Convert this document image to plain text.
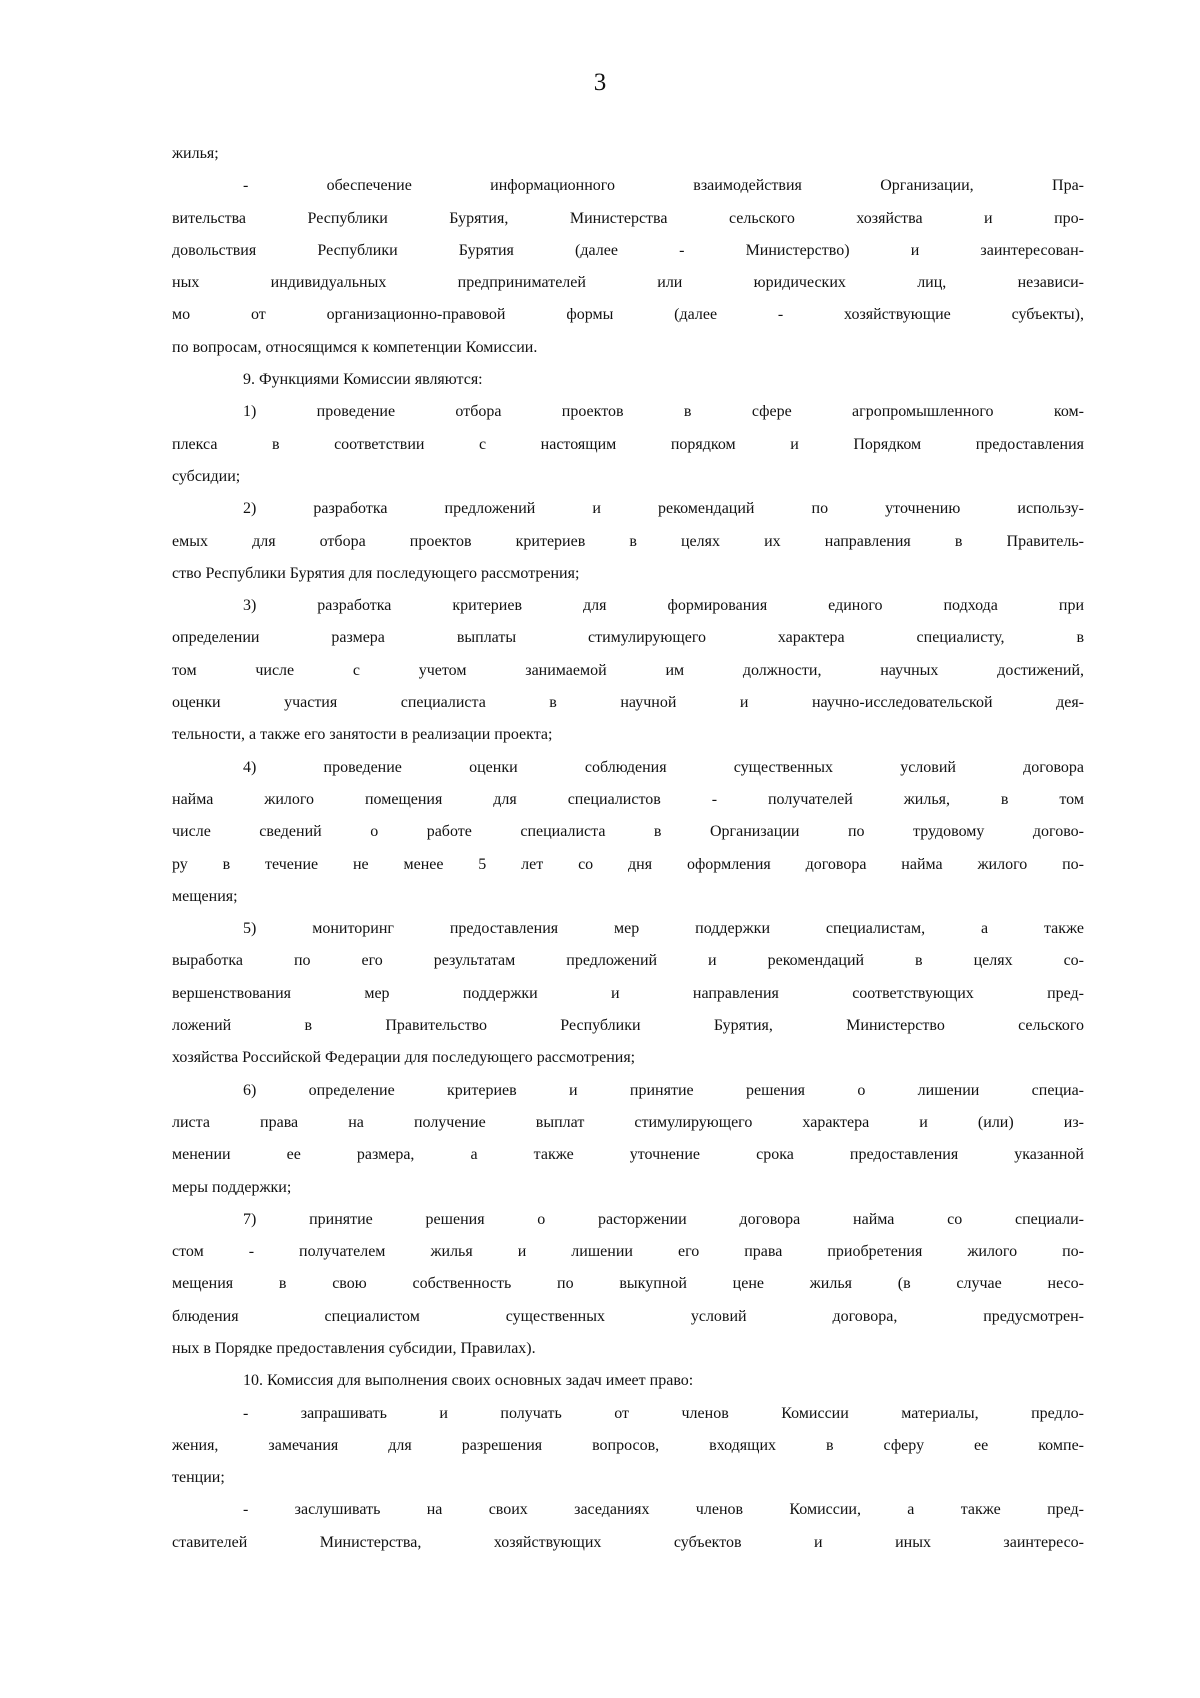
3
жилья;
- обеспечение информационного взаимодействия Организации, Пра-
вительства Республики Бурятия, Министерства сельского хозяйства и про-
довольствия Республики Бурятия (далее - Министерство) и заинтересован-
ных индивидуальных предпринимателей или юридических лиц, независи-
мо от организационно-правовой формы (далее - хозяйствующие субъекты),
по вопросам, относящимся к компетенции Комиссии.
9. Функциями Комиссии являются:
1) проведение отбора проектов в сфере агропромышленного ком-
плекса в соответствии с настоящим порядком и Порядком предоставления
субсидии;
2) разработка предложений и рекомендаций по уточнению использу-
емых для отбора проектов критериев в целях их направления в Правитель-
ство Республики Бурятия для последующего рассмотрения;
3) разработка критериев для формирования единого подхода при
определении размера выплаты стимулирующего характера специалисту, в
том числе с учетом занимаемой им должности, научных достижений,
оценки участия специалиста в научной и научно-исследовательской дея-
тельности, а также его занятости в реализации проекта;
4) проведение оценки соблюдения существенных условий договора
найма жилого помещения для специалистов - получателей жилья, в том
числе сведений о работе специалиста в Организации по трудовому догово-
ру в течение не менее 5 лет со дня оформления договора найма жилого по-
мещения;
5) мониторинг предоставления мер поддержки специалистам, а также
выработка по его результатам предложений и рекомендаций в целях со-
вершенствования мер поддержки и направления соответствующих пред-
ложений в Правительство Республики Бурятия, Министерство сельского
хозяйства Российской Федерации для последующего рассмотрения;
6) определение критериев и принятие решения о лишении специа-
листа права на получение выплат стимулирующего характера и (или) из-
менении ее размера, а также уточнение срока предоставления указанной
меры поддержки;
7) принятие решения о расторжении договора найма со специали-
стом - получателем жилья и лишении его права приобретения жилого по-
мещения в свою собственность по выкупной цене жилья (в случае несо-
блюдения специалистом существенных условий договора, предусмотрен-
ных в Порядке предоставления субсидии, Правилах).
10. Комиссия для выполнения своих основных задач имеет право:
- запрашивать и получать от членов Комиссии материалы, предло-
жения, замечания для разрешения вопросов, входящих в сферу ее компе-
тенции;
- заслушивать на своих заседаниях членов Комиссии, а также пред-
ставителей Министерства, хозяйствующих субъектов и иных заинтересо-
